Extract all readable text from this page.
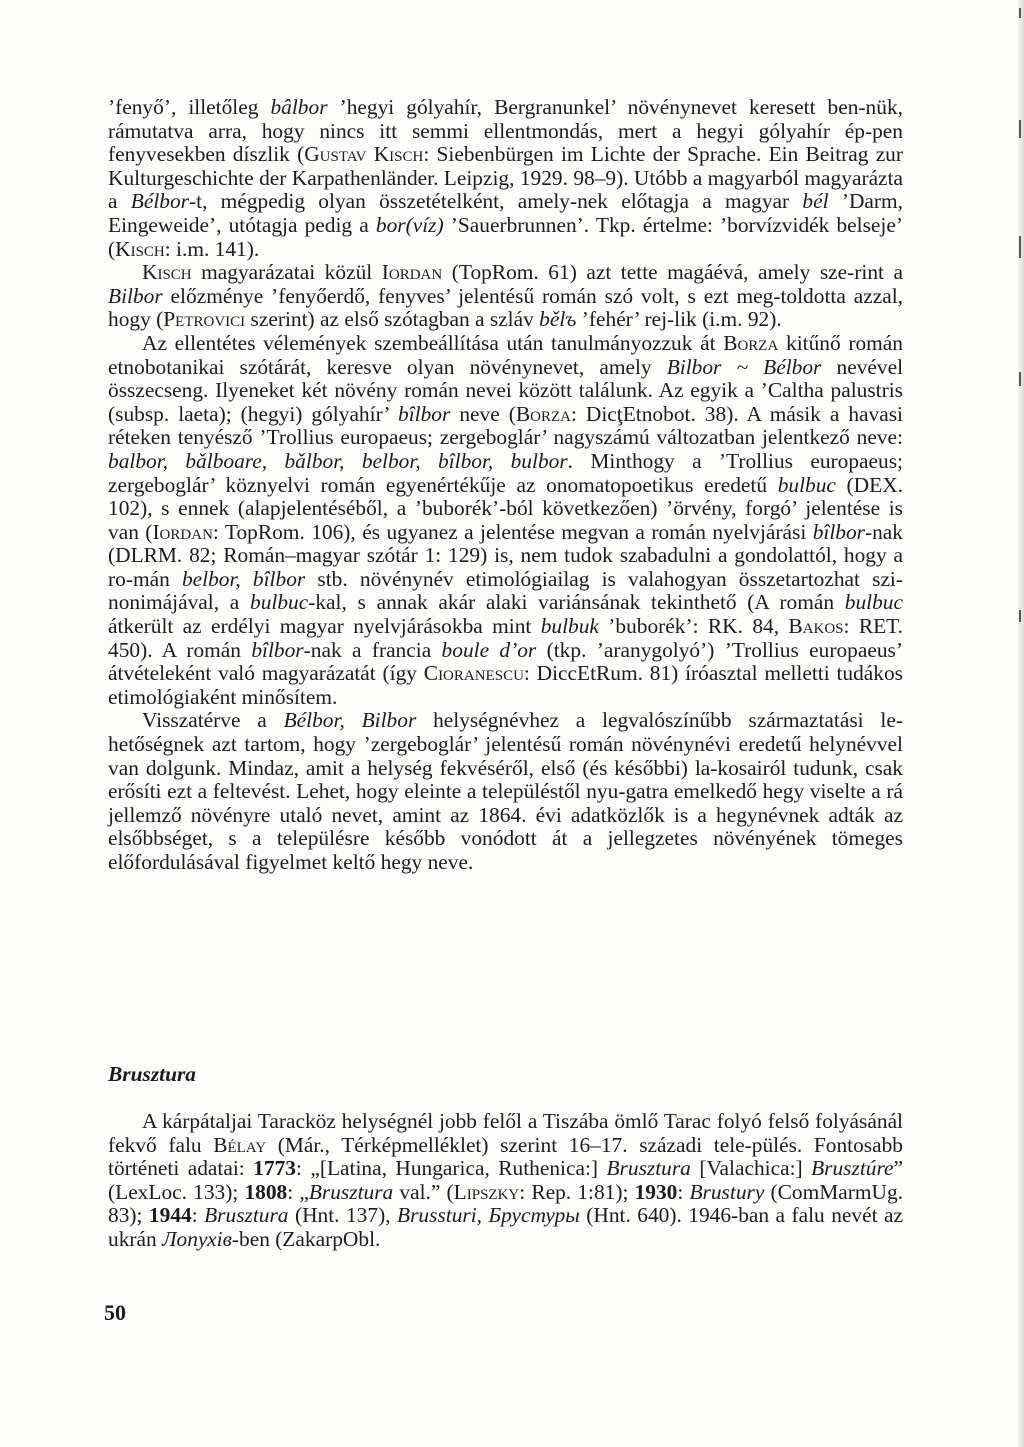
’fenyő’, illetőleg bâlbor ’hegyi gólyahír, Bergranunkel’ növénynevet keresett ben-nük, rámutatva arra, hogy nincs itt semmi ellentmondás, mert a hegyi gólyahír ép-pen fenyvesekben díszlik (Gustav Kisch: Siebenbürgen im Lichte der Sprache. Ein Beitrag zur Kulturgeschichte der Karpathenländer. Leipzig, 1929. 98–9). Utóbb a magyarból magyarázta a Bélbor-t, mégpedig olyan összetételként, amely-nek előtagja a magyar bél ’Darm, Eingeweide’, utótagja pedig a bor(víz) ’Sauerbrunnen’. Tkp. értelme: ’borvízvidék belseje’ (Kisch: i.m. 141).

Kisch magyarázatai közül Iordan (TopRom. 61) azt tette magáévá, amely sze-rint a Bilbor előzménye ’fenyőerdő, fenyves’ jelentésű román szó volt, s ezt meg-toldotta azzal, hogy (Petrovici szerint) az első szótagban a szláv bělъ ’fehér’ rej-lik (i.m. 92).

Az ellentétes vélemények szembeállítása után tanulmányozzuk át Borza kitűnő román etnobotanikai szótárát, keresve olyan növénynevet, amely Bilbor ~ Bélbor nevével összecseng. Ilyeneket két növény román nevei között találunk. Az egyik a ’Caltha palustris (subsp. laeta); (hegyi) gólyahír’ bîlbor neve (Borza: DicţEtnobot. 38). A másik a havasi réteken tenyésző ’Trollius europaeus; zergeboglár’ nagyszámú változatban jelentkező neve: balbor, bǎlboare, bǎlbor, belbor, bîlbor, bulbor. Minthogy a ’Trollius europaeus; zergeboglár’ köznyelvi román egyenértékűje az onomatopoetikus eredetű bulbuc (DEX. 102), s ennek (alapjelentéséből, a ’buborék’-ból következően) ’örvény, forgó’ jelentése is van (Iordan: TopRom. 106), és ugyanez a jelentése megvan a román nyelvjárási bîlbor-nak (DLRM. 82; Román–magyar szótár 1: 129) is, nem tudok szabadulni a gondolattól, hogy a ro-mán belbor, bîlbor stb. növénynév etimológiailag is valahogyan összetartozhat szi-nonimájával, a bulbuc-kal, s annak akár alaki variánsának tekinthető (A román bulbuc átkerült az erdélyi magyar nyelvjárásokba mint bulbuk ’buborék’: RK. 84, Bakos: RET. 450). A román bîlbor-nak a francia boule d’or (tkp. ’aranygolyó’) ’Trollius europaeus’ átvételeként való magyarázatát (így Cioranescu: DiccEtRum. 81) íróasztal melletti tudákos etimológiaként minősítem.

Visszatérve a Bélbor, Bilbor helységnévhez a legvalószínűbb származtatási le-hetőségnek azt tartom, hogy ’zergeboglár’ jelentésű román növénynévi eredetű helynévvel van dolgunk. Mindaz, amit a helység fekvéséről, első (és későbbi) la-kosairól tudunk, csak erősíti ezt a feltevést. Lehet, hogy eleinte a településtől nyu-gatra emelkedő hegy viselte a rá jellemző növényre utaló nevet, amint az 1864. évi adatközlők is a hegynévnek adták az elsőbbséget, s a településre később vonódott át a jellegzetes növényének tömeges előfordulásával figyelmet keltő hegy neve.

Brusztura

A kárpátaljai Taracköz helységnél jobb felől a Tiszába ömlő Tarac folyó felső folyásánál fekvő falu Bélay (Már., Térképmelléklet) szerint 16–17. századi tele-pülés. Fontosabb történeti adatai: 1773: „[Latina, Hungarica, Ruthenica:] Brusztura [Valachica:] Brusztúre” (LexLoc. 133); 1808: „Brusztura val.” (Lipszky: Rep. 1:81); 1930: Brustury (ComMarmUg. 83); 1944: Brusztura (Hnt. 137), Brussturi, Брустуры (Hnt. 640). 1946-ban a falu nevét az ukrán Лопухів-ben (ZakarpObl.

50
